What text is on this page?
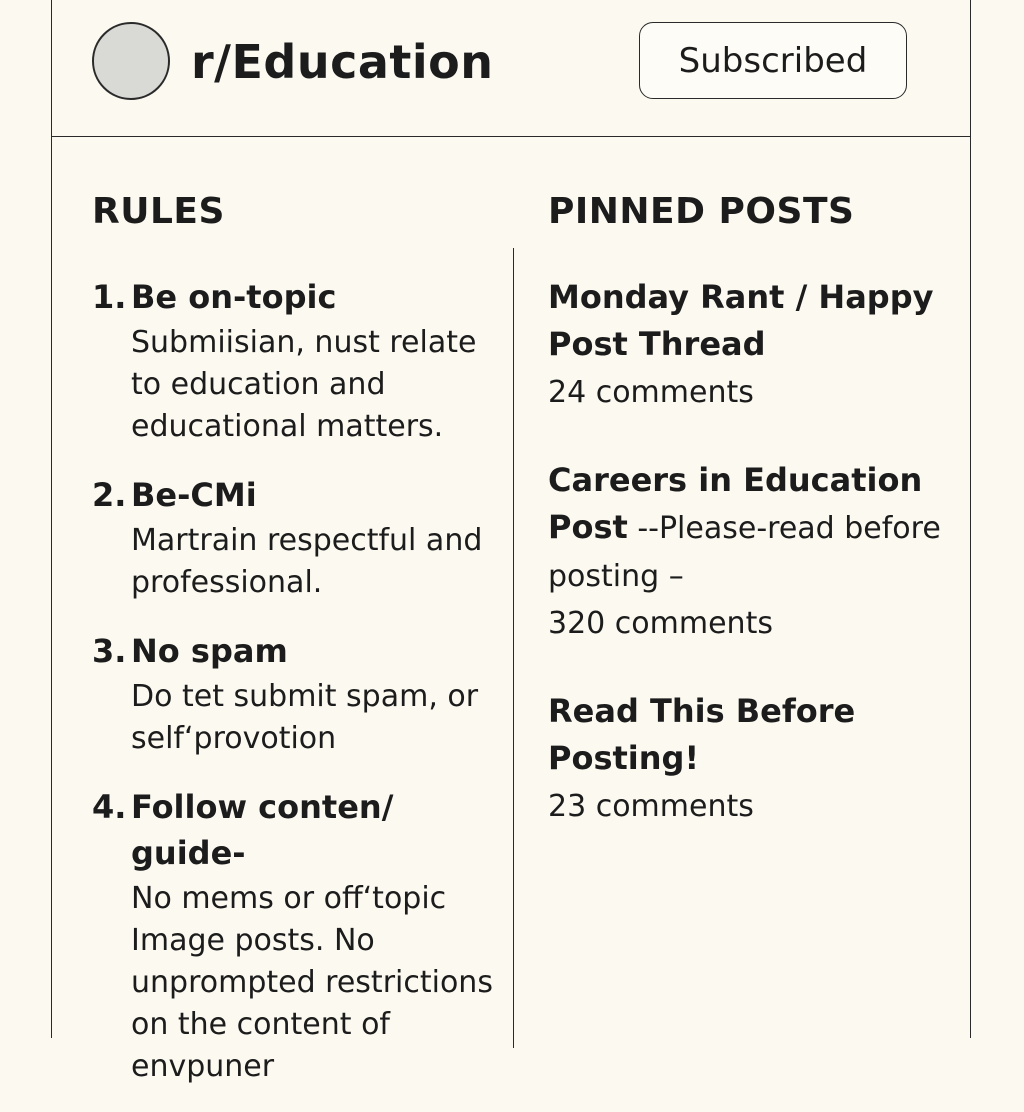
r/Education	Subscribed
RULES
1. Be on-topic
Submiisian, nust relate to education and educational matters.
2. Be-CMi
Martrain respectful and professional.
3. No spam
Do tet submit spam, or self‘provotion
4. Follow conten/ guide-
No mems or off‘topic Image posts. No unprompted restrictions on the content of envpuner
PINNED POSTS
Monday Rant / Happy Post Thread
24 comments
Careers in Education Post --Please-read before posting –
320 comments
Read This Before Posting!
23 comments
